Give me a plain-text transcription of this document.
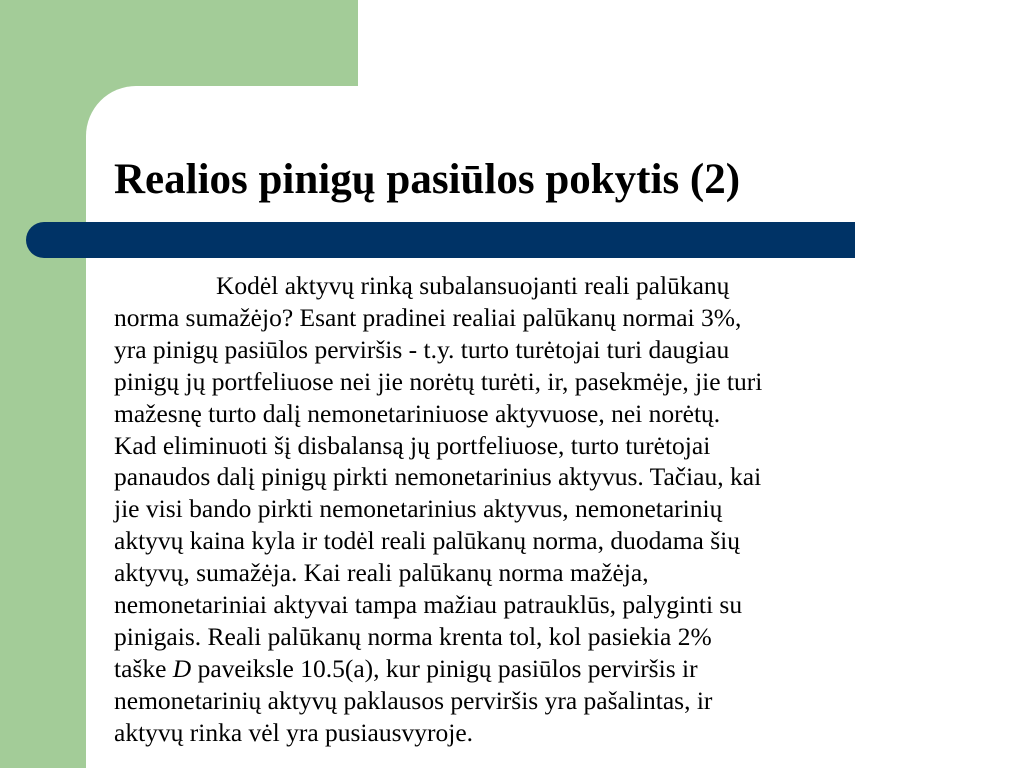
Realios pinigų pasiūlos pokytis (2)
Kodėl aktyvų rinką subalansuojanti reali palūkanų
norma sumažėjo? Esant pradinei realiai palūkanų normai 3%,
yra pinigų pasiūlos perviršis - t.y. turto turėtojai turi daugiau
pinigų jų portfeliuose nei jie norėtų turėti, ir, pasekmėje, jie turi
mažesnę turto dalį nemonetariniuose aktyvuose, nei norėtų.
Kad eliminuoti šį disbalansą jų portfeliuose, turto turėtojai
panaudos dalį pinigų pirkti nemonetarinius aktyvus. Tačiau, kai
jie visi bando pirkti nemonetarinius aktyvus, nemonetarinių
aktyvų kaina kyla ir todėl reali palūkanų norma, duodama šių
aktyvų, sumažėja. Kai reali palūkanų norma mažėja,
nemonetariniai aktyvai tampa mažiau patrauklūs, palyginti su
pinigais. Reali palūkanų norma krenta tol, kol pasiekia 2%
taške D paveikslе 10.5(a), kur pinigų pasiūlos perviršis ir
nemonetarinių aktyvų paklausos perviršis yra pašalintas, ir
aktyvų rinka vėl yra pusiausvyroje.
